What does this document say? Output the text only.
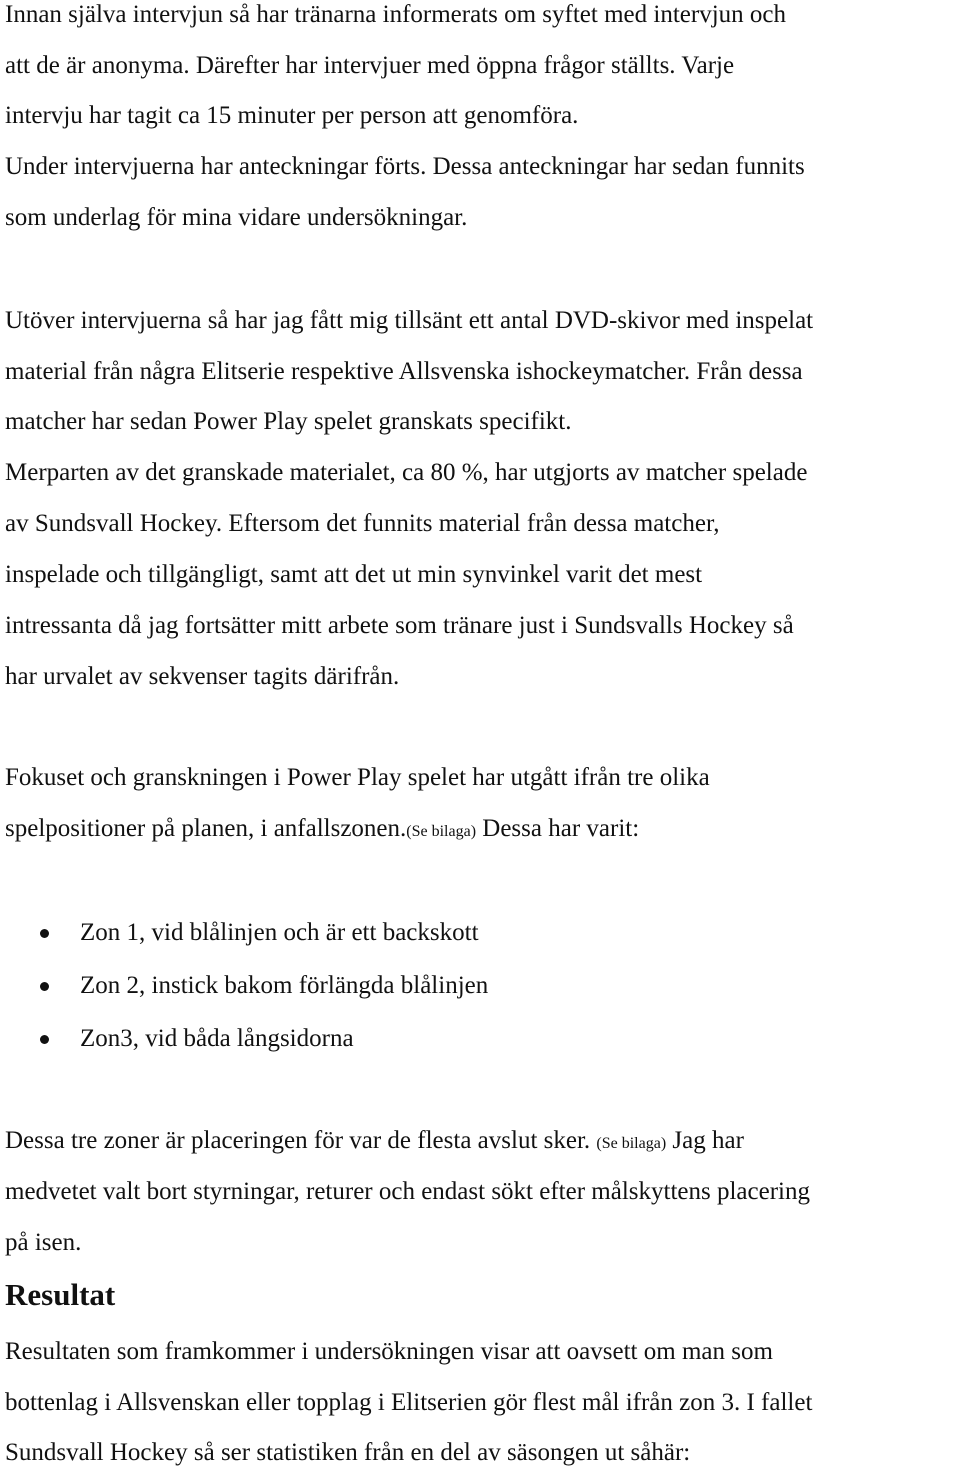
Innan själva intervjun så har tränarna informerats om syftet med intervjun och
att de är anonyma. Därefter har intervjuer med öppna frågor ställts. Varje
intervju har tagit ca 15 minuter per person att genomföra.
Under intervjuerna har anteckningar förts. Dessa anteckningar har sedan funnits
som underlag för mina vidare undersökningar.
Utöver intervjuerna så har jag fått mig tillsänt ett antal DVD-skivor med inspelat
material från några Elitserie respektive Allsvenska ishockeymatcher. Från dessa
matcher har sedan Power Play spelet granskats specifikt.
Merparten av det granskade materialet, ca 80 %, har utgjorts av matcher spelade
av Sundsvall Hockey. Eftersom det funnits material från dessa matcher,
inspelade och tillgängligt, samt att det ut min synvinkel varit det mest
intressanta då jag fortsätter mitt arbete som tränare just i Sundsvalls Hockey så
har urvalet av sekvenser tagits därifrån.
Fokuset och granskningen i Power Play spelet har utgått ifrån tre olika
spelpositioner på planen, i anfallszonen.(Se bilaga) Dessa har varit:
Zon 1, vid blålinjen och är ett backskott
Zon 2, instick bakom förlängda blålinjen
Zon3, vid båda långsidorna
Dessa tre zoner är placeringen för var de flesta avslut sker. (Se bilaga) Jag har
medvetet valt bort styrningar, returer och endast sökt efter målskyttens placering
på isen.
Resultat
Resultaten som framkommer i undersökningen visar att oavsett om man som
bottenlag i Allsvenskan eller topplag i Elitserien gör flest mål ifrån zon 3. I fallet
Sundsvall Hockey så ser statistiken från en del av säsongen ut såhär:
